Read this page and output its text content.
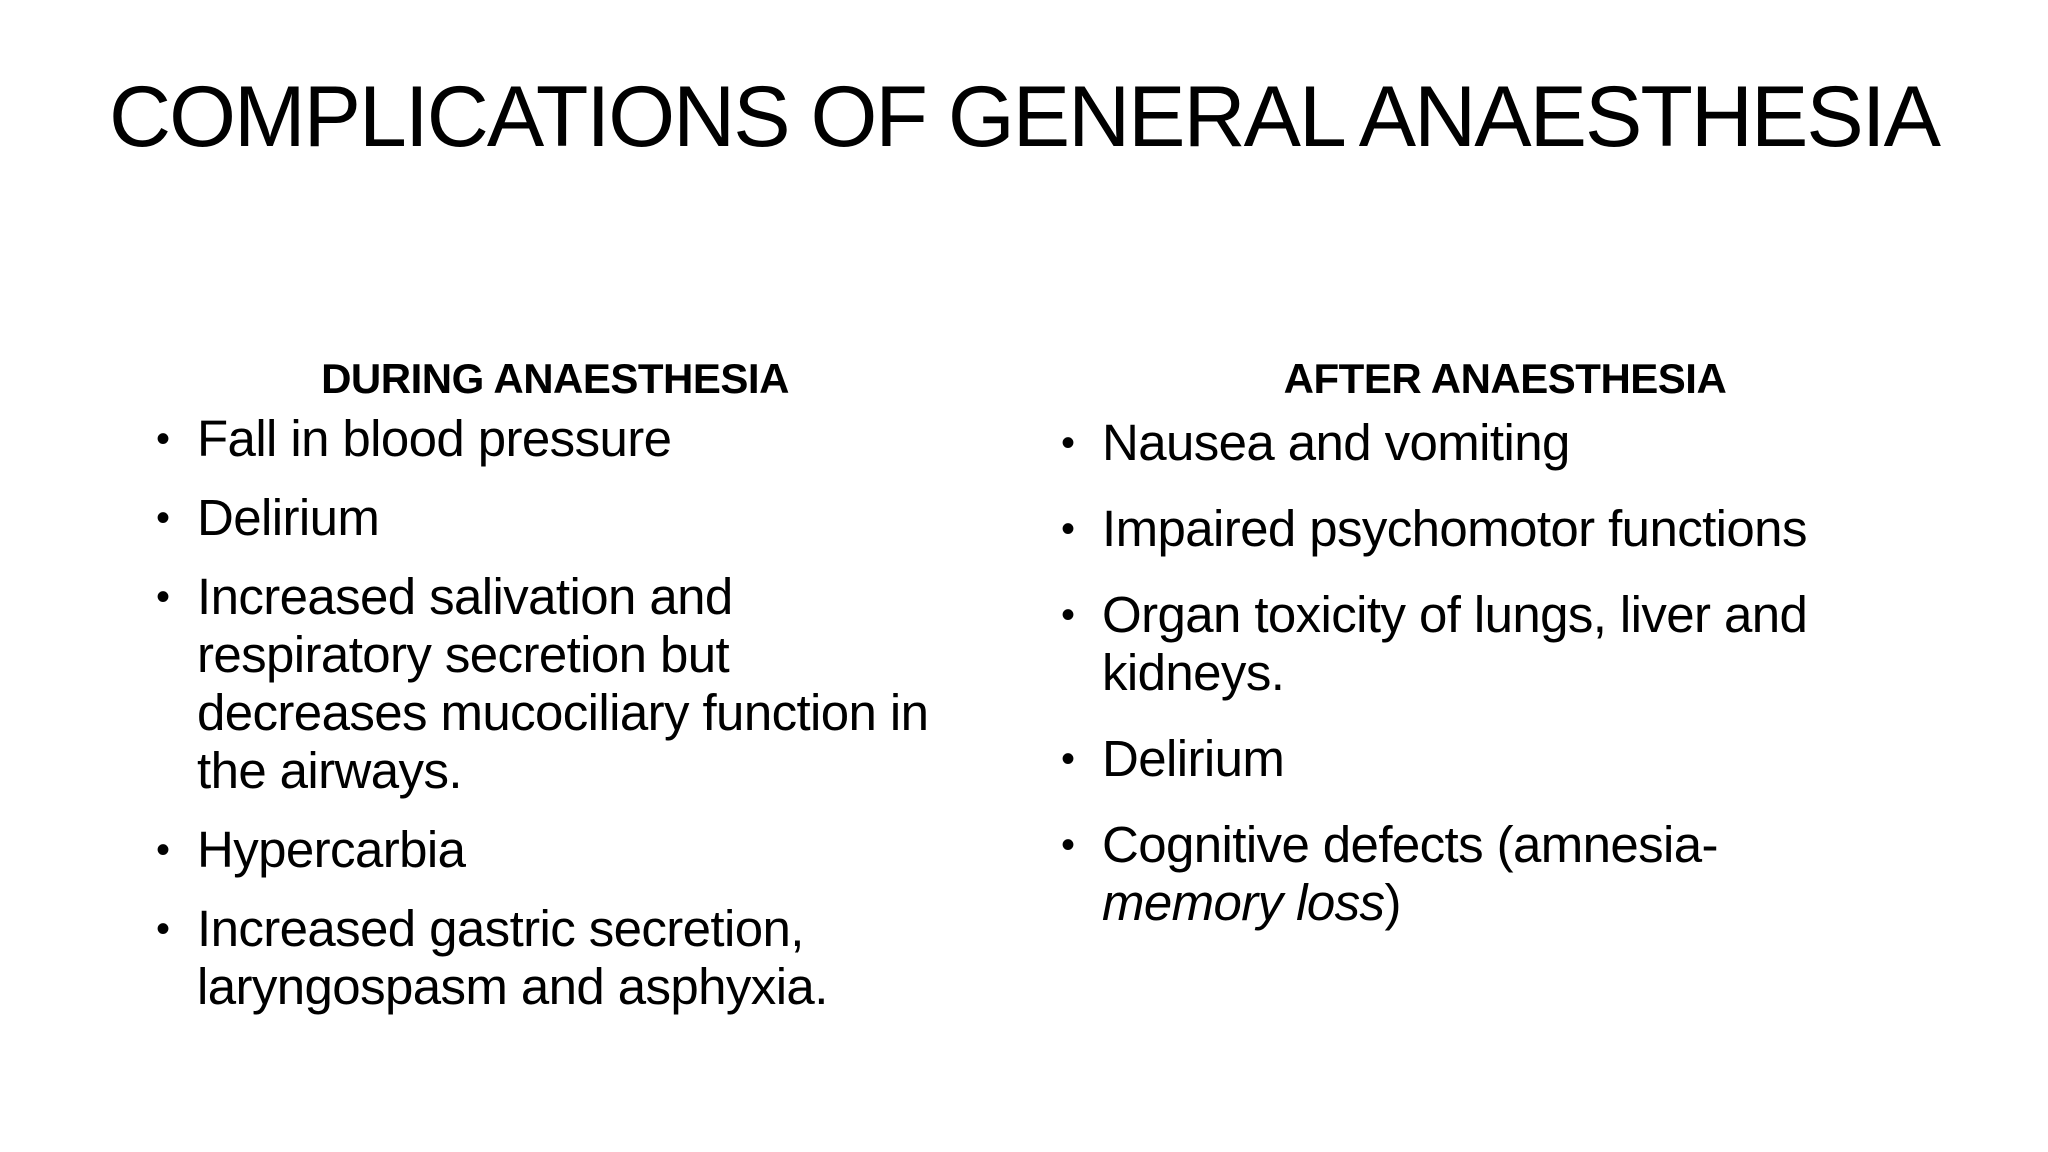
COMPLICATIONS OF GENERAL ANAESTHESIA
DURING ANAESTHESIA
• Fall in blood pressure
• Delirium
• Increased salivation and respiratory secretion but decreases mucociliary function in the airways.
• Hypercarbia
• Increased gastric secretion, laryngospasm and asphyxia.
AFTER ANAESTHESIA
• Nausea and vomiting
• Impaired psychomotor functions
• Organ toxicity of lungs, liver and kidneys.
• Delirium
• Cognitive defects (amnesia-
memory loss)
